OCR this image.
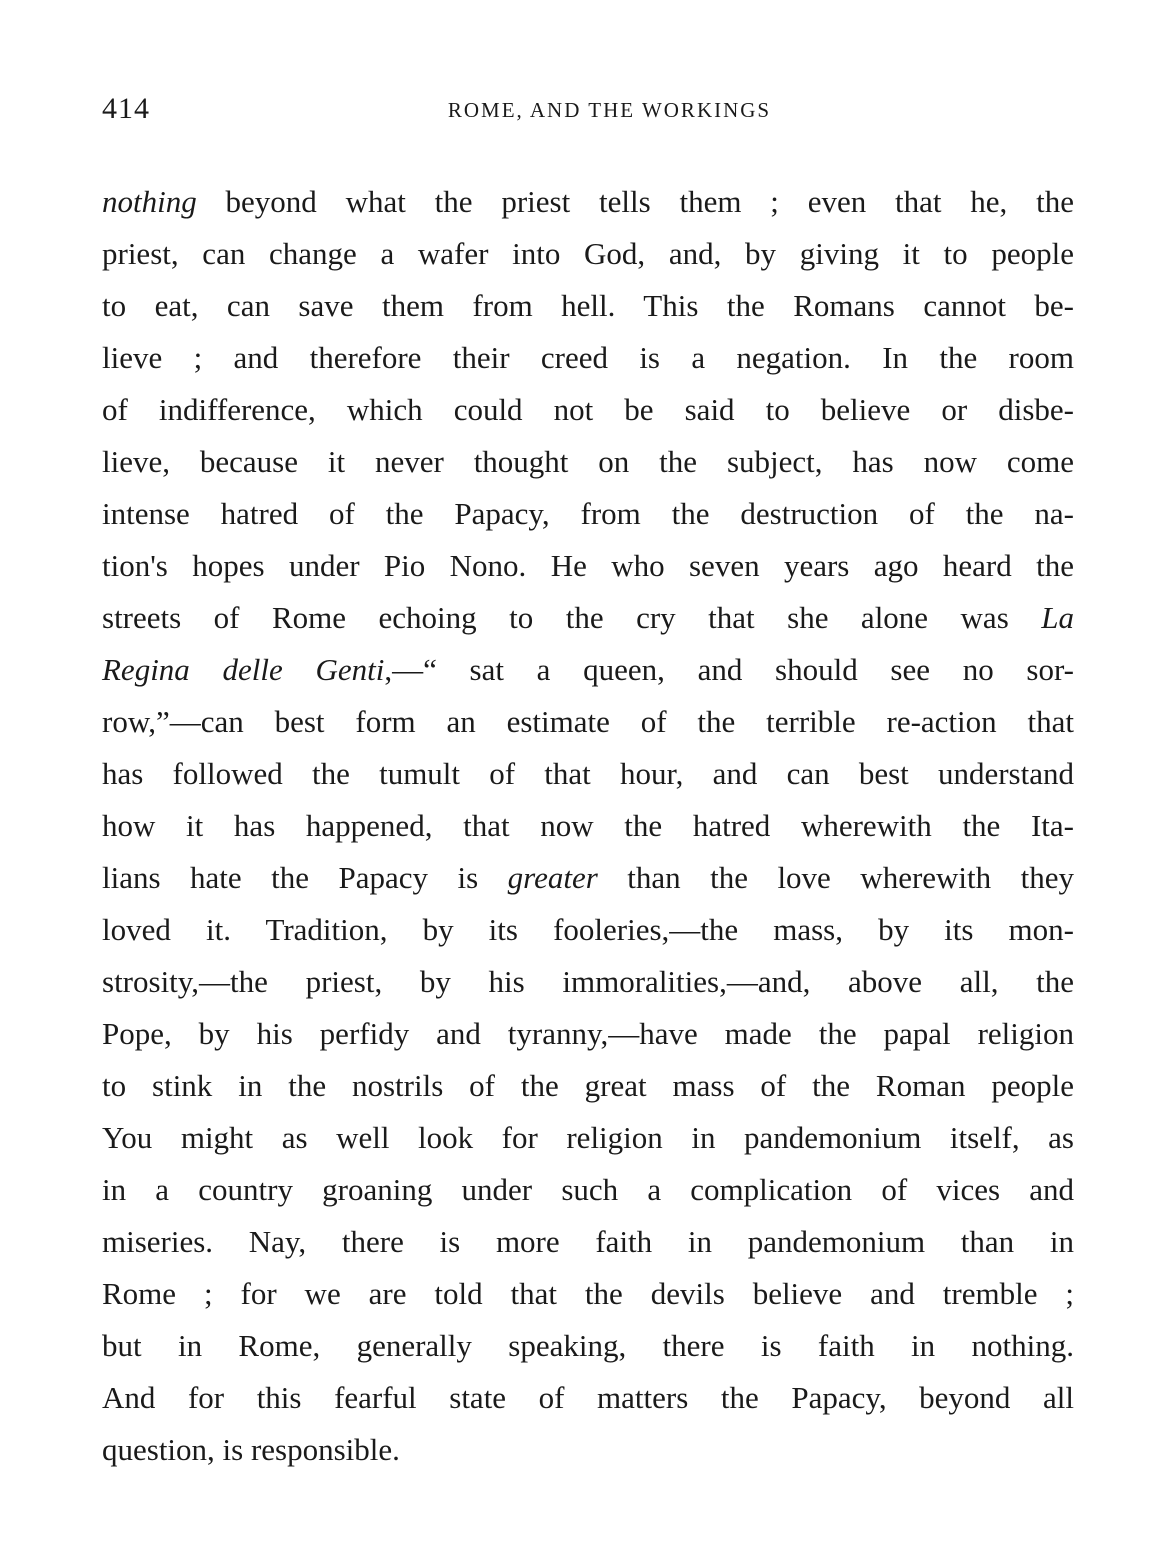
414	ROME, AND THE WORKINGS
nothing beyond what the priest tells them ; even that he, the
priest, can change a wafer into God, and, by giving it to people
to eat, can save them from hell. This the Romans cannot be-
lieve ; and therefore their creed is a negation. In the room
of indifference, which could not be said to believe or disbe-
lieve, because it never thought on the subject, has now come
intense hatred of the Papacy, from the destruction of the na-
tion's hopes under Pio Nono. He who seven years ago heard the
streets of Rome echoing to the cry that she alone was La
Regina delle Genti,—“ sat a queen, and should see no sor-
row,”—can best form an estimate of the terrible re-action that
has followed the tumult of that hour, and can best understand
how it has happened, that now the hatred wherewith the Ita-
lians hate the Papacy is greater than the love wherewith they
loved it. Tradition, by its fooleries,—the mass, by its mon-
strosity,—the priest, by his immoralities,—and, above all, the
Pope, by his perfidy and tyranny,—have made the papal religion
to stink in the nostrils of the great mass of the Roman people
You might as well look for religion in pandemonium itself, as
in a country groaning under such a complication of vices and
miseries. Nay, there is more faith in pandemonium than in
Rome ; for we are told that the devils believe and tremble ;
but in Rome, generally speaking, there is faith in nothing.
And for this fearful state of matters the Papacy, beyond all
question, is responsible.
